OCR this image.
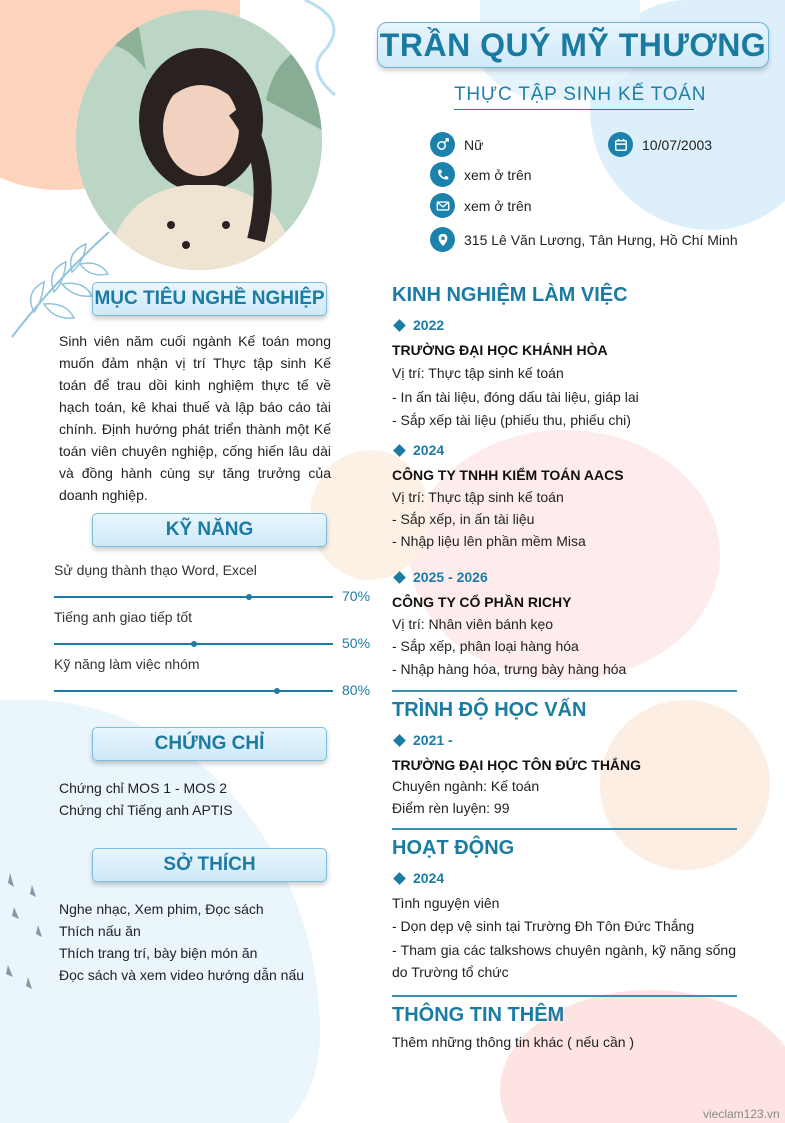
TRẦN QUÝ MỸ THƯƠNG
THỰC TẬP SINH KẾ TOÁN
Nữ	10/07/2003
xem ở trên
xem ở trên
315 Lê Văn Lương, Tân Hưng, Hồ Chí Minh
MỤC TIÊU NGHỀ NGHIỆP
Sinh viên năm cuối ngành Kế toán mong muốn đảm nhận vị trí Thực tập sinh Kế toán để trau dồi kinh nghiệm thực tế về hạch toán, kê khai thuế và lập báo cáo tài chính. Định hướng phát triển thành một Kế toán viên chuyên nghiệp, cống hiến lâu dài và đồng hành cùng sự tăng trưởng của doanh nghiệp.
KỸ NĂNG
Sử dụng thành thạo Word, Excel
70%
Tiếng anh giao tiếp tốt
50%
Kỹ năng làm việc nhóm
80%
CHỨNG CHỈ
Chứng chỉ MOS 1 - MOS 2
Chứng chỉ Tiếng anh APTIS
SỞ THÍCH
Nghe nhạc, Xem phim, Đọc sách
Thích nấu ăn
Thích trang trí, bày biện món ăn
Đọc sách và xem video hướng dẫn nấu
KINH NGHIỆM LÀM VIỆC
2022
TRƯỜNG ĐẠI HỌC KHÁNH HÒA
Vị trí: Thực tập sinh kế toán
- In ấn tài liệu, đóng dấu tài liệu, giáp lai
- Sắp xếp tài liệu (phiếu thu, phiếu chi)
2024
CÔNG TY TNHH KIỂM TOÁN AACS
Vị trí: Thực tập sinh kế toán
- Sắp xếp, in ấn tài liệu
- Nhập liệu lên phần mềm Misa
2025 - 2026
CÔNG TY CỔ PHẦN RICHY
Vị trí: Nhân viên bánh kẹo
- Sắp xếp, phân loại hàng hóa
- Nhập hàng hóa, trưng bày hàng hóa
TRÌNH ĐỘ HỌC VẤN
2021 -
TRƯỜNG ĐẠI HỌC TÔN ĐỨC THẮNG
Chuyên ngành: Kế toán
Điểm rèn luyện: 99
HOẠT ĐỘNG
2024
Tình nguyện viên
- Dọn dẹp vệ sinh tại Trường Đh Tôn Đức Thắng
- Tham gia các talkshows chuyên ngành, kỹ năng sống do Trường tổ chức
THÔNG TIN THÊM
Thêm những thông tin khác ( nếu cần )
vieclam123.vn
